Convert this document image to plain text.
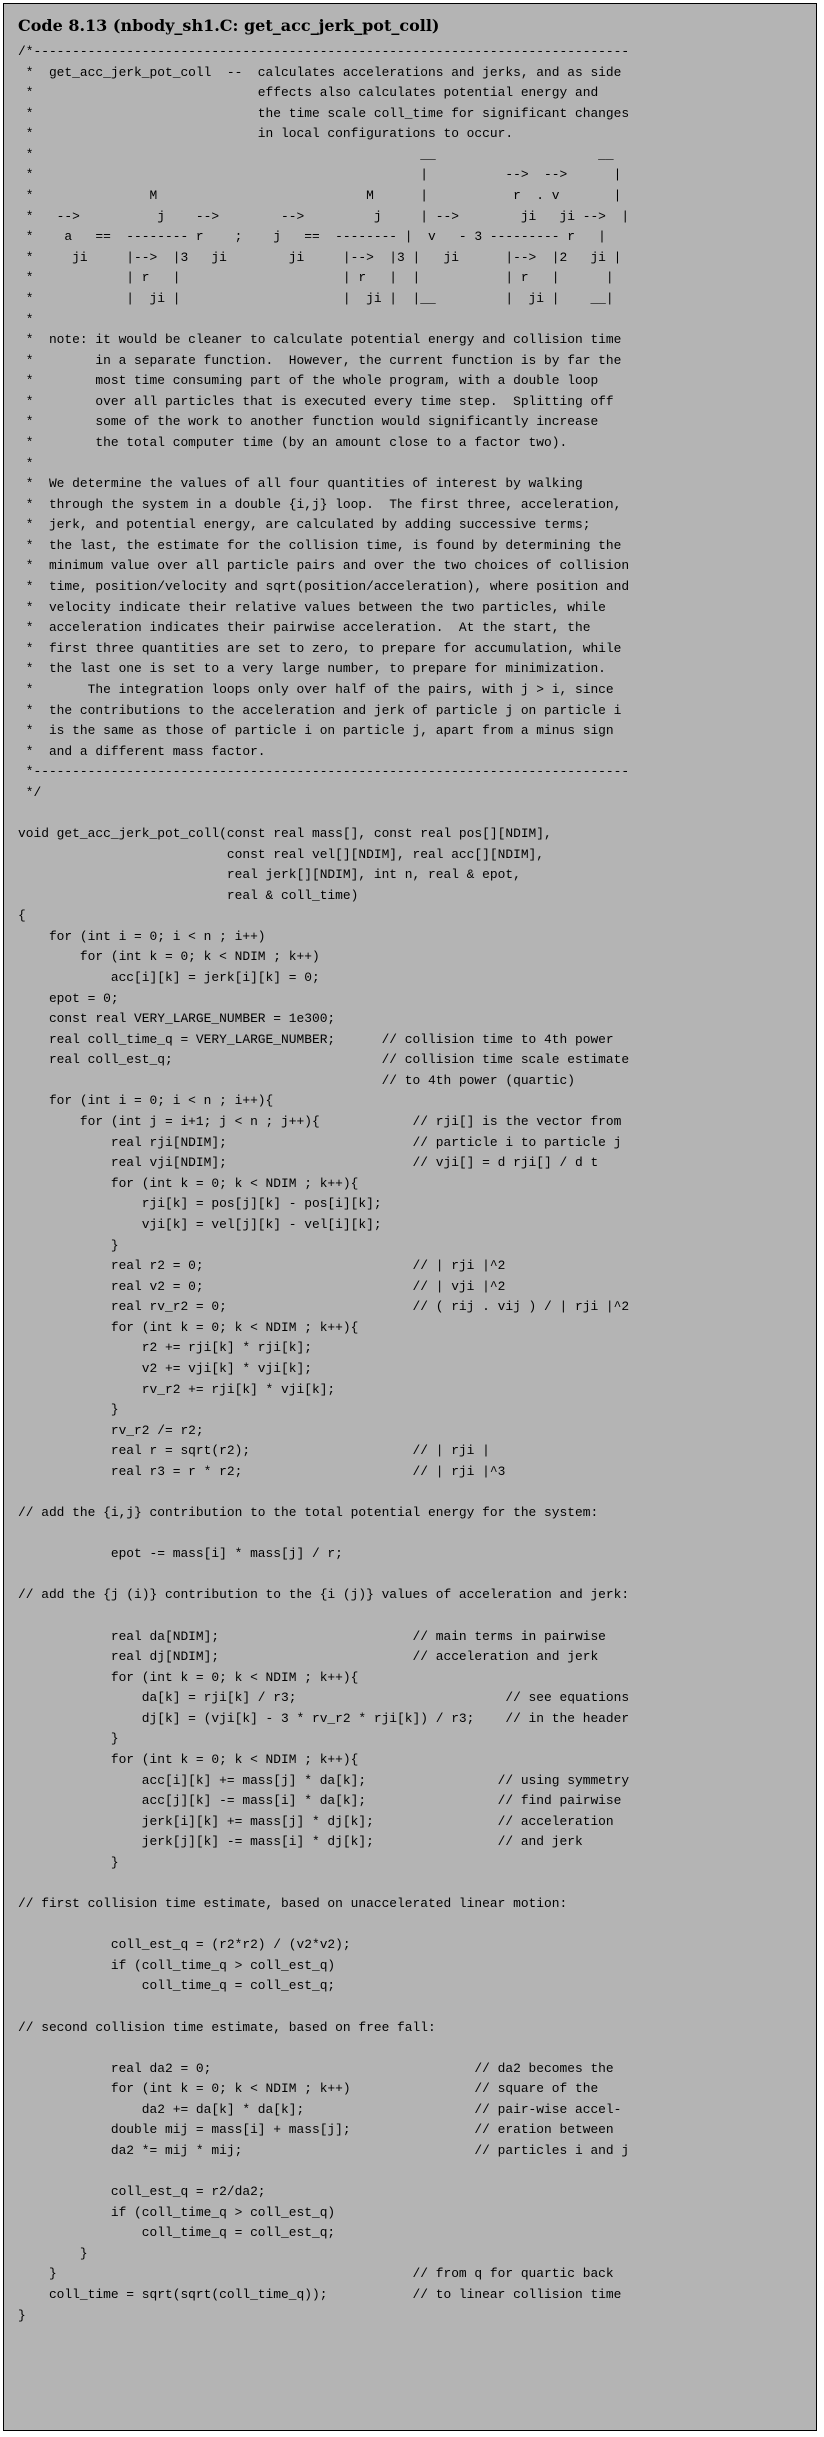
Code 8.13 (nbody_sh1.C: get_acc_jerk_pot_coll)
/*-----------------------------------------------------------------------------
*  get_acc_jerk_pot_coll  --  calculates accelerations and jerks, and as side
*                             effects also calculates potential energy and
*                             the time scale coll_time for significant changes
*                             in local configurations to occur.
*                                                  __                     __
*                                                  |          -->  -->      |
*               M                           M      |           r  . v       |
*   -->          j    -->        -->         j     | -->        ji   ji -->  |
*    a   ==  -------- r    ;    j   ==  -------- |  v   - 3 --------- r   |
*     ji     |-->  |3   ji        ji     |-->  |3 |   ji      |-->  |2   ji |
*            | r   |                     | r   |  |           | r   |      |
*            |  ji |                     |  ji |  |__         |  ji |    __|
*
*  note: it would be cleaner to calculate potential energy and collision time
*        in a separate function.  However, the current function is by far the
*        most time consuming part of the whole program, with a double loop
*        over all particles that is executed every time step.  Splitting off
*        some of the work to another function would significantly increase
*        the total computer time (by an amount close to a factor two).
*
*  We determine the values of all four quantities of interest by walking
*  through the system in a double {i,j} loop.  The first three, acceleration,
*  jerk, and potential energy, are calculated by adding successive terms;
*  the last, the estimate for the collision time, is found by determining the
*  minimum value over all particle pairs and over the two choices of collision
*  time, position/velocity and sqrt(position/acceleration), where position and
*  velocity indicate their relative values between the two particles, while
*  acceleration indicates their pairwise acceleration.  At the start, the
*  first three quantities are set to zero, to prepare for accumulation, while
*  the last one is set to a very large number, to prepare for minimization.
*       The integration loops only over half of the pairs, with j > i, since
*  the contributions to the acceleration and jerk of particle j on particle i
*  is the same as those of particle i on particle j, apart from a minus sign
*  and a different mass factor.
*-----------------------------------------------------------------------------
*/

void get_acc_jerk_pot_coll(const real mass[], const real pos[][NDIM],
const real vel[][NDIM], real acc[][NDIM],
real jerk[][NDIM], int n, real & epot,
real & coll_time)
{
for (int i = 0; i < n ; i++)
for (int k = 0; k < NDIM ; k++)
acc[i][k] = jerk[i][k] = 0;
epot = 0;
const real VERY_LARGE_NUMBER = 1e300;
real coll_time_q = VERY_LARGE_NUMBER;      // collision time to 4th power
real coll_est_q;                           // collision time scale estimate
// to 4th power (quartic)
for (int i = 0; i < n ; i++){
for (int j = i+1; j < n ; j++){            // rji[] is the vector from
real rji[NDIM];                        // particle i to particle j
real vji[NDIM];                        // vji[] = d rji[] / d t
for (int k = 0; k < NDIM ; k++){
rji[k] = pos[j][k] - pos[i][k];
vji[k] = vel[j][k] - vel[i][k];
}
real r2 = 0;                           // | rji |^2
real v2 = 0;                           // | vji |^2
real rv_r2 = 0;                        // ( rij . vij ) / | rji |^2
for (int k = 0; k < NDIM ; k++){
r2 += rji[k] * rji[k];
v2 += vji[k] * vji[k];
rv_r2 += rji[k] * vji[k];
}
rv_r2 /= r2;
real r = sqrt(r2);                     // | rji |
real r3 = r * r2;                      // | rji |^3

// add the {i,j} contribution to the total potential energy for the system:

epot -= mass[i] * mass[j] / r;

// add the {j (i)} contribution to the {i (j)} values of acceleration and jerk:

real da[NDIM];                         // main terms in pairwise
real dj[NDIM];                         // acceleration and jerk
for (int k = 0; k < NDIM ; k++){
da[k] = rji[k] / r3;                           // see equations
dj[k] = (vji[k] - 3 * rv_r2 * rji[k]) / r3;    // in the header
}
for (int k = 0; k < NDIM ; k++){
acc[i][k] += mass[j] * da[k];                 // using symmetry
acc[j][k] -= mass[i] * da[k];                 // find pairwise
jerk[i][k] += mass[j] * dj[k];                // acceleration
jerk[j][k] -= mass[i] * dj[k];                // and jerk
}

// first collision time estimate, based on unaccelerated linear motion:

coll_est_q = (r2*r2) / (v2*v2);
if (coll_time_q > coll_est_q)
coll_time_q = coll_est_q;

// second collision time estimate, based on free fall:

real da2 = 0;                                  // da2 becomes the
for (int k = 0; k < NDIM ; k++)                // square of the
da2 += da[k] * da[k];                      // pair-wise accel-
double mij = mass[i] + mass[j];                // eration between
da2 *= mij * mij;                              // particles i and j

coll_est_q = r2/da2;
if (coll_time_q > coll_est_q)
coll_time_q = coll_est_q;
}
}                                              // from q for quartic back
coll_time = sqrt(sqrt(coll_time_q));           // to linear collision time
}
